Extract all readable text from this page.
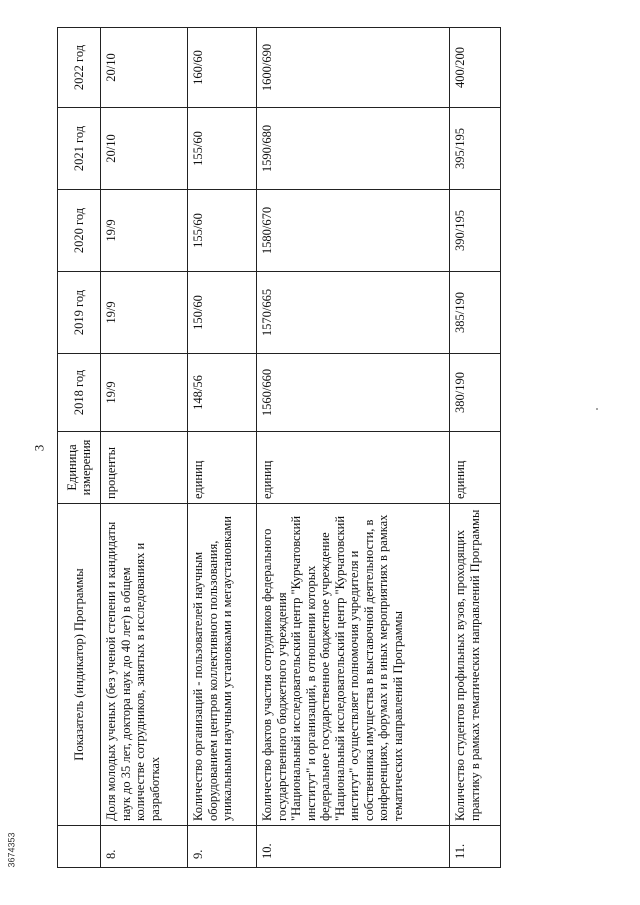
3
3674353
	Показатель (индикатор) Программы	Единица измерения	2018 год	2019 год	2020 год	2021 год	2022 год
8.	Доля молодых ученых (без ученой степени и кандидаты наук до 35 лет, доктора наук до 40 лет) в общем количестве сотрудников, занятых в исследованиях и разработках	проценты	19/9	19/9	19/9	20/10	20/10
9.	Количество организаций - пользователей научным оборудованием центров коллективного пользования, уникальными научными установками и мегаустановками	единиц	148/56	150/60	155/60	155/60	160/60
10.	Количество фактов участия сотрудников федерального государственного бюджетного учреждения "Национальный исследовательский центр "Курчатовский институт" и организаций, в отношении которых федеральное государственное бюджетное учреждение "Национальный исследовательский центр "Курчатовский институт" осуществляет полномочия учредителя и собственника имущества в выставочной деятельности, в конференциях, форумах и в иных мероприятиях в рамках тематических направлений Программы	единиц	1560/660	1570/665	1580/670	1590/680	1600/690
11.	Количество студентов профильных вузов, проходящих практику в рамках тематических направлений Программы	единиц	380/190	385/190	390/195	395/195	400/200
